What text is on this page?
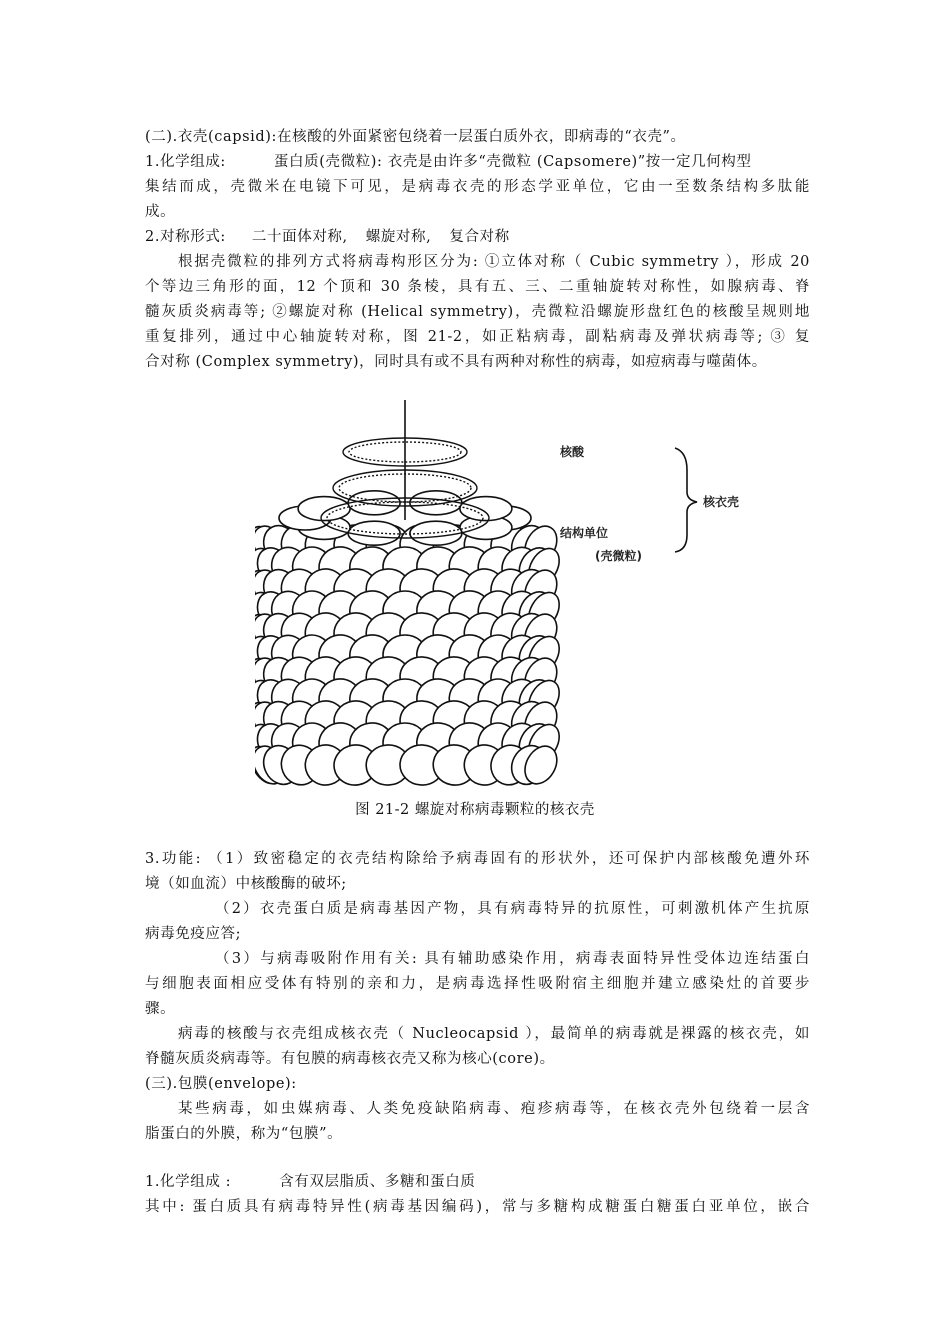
(二).衣壳(capsid):在核酸的外面紧密包绕着一层蛋白质外衣，即病毒的“衣壳”。
1.化学组成:	蛋白质(壳微粒): 衣壳是由许多“壳微粒 (Capsomere)”按一定几何构型
集结而成，壳微米在电镜下可见，是病毒衣壳的形态学亚单位，它由一至数条结构多肽能
成。
2.对称形式: 二十面体对称, 螺旋对称, 复合对称
根据壳微粒的排列方式将病毒构形区分为: ①立体对称（ Cubic symmetry ），形成 20
个等边三角形的面，12 个顶和 30 条棱，具有五、三、二重轴旋转对称性，如腺病毒、脊
髓灰质炎病毒等; ②螺旋对称 (Helical symmetry)，壳微粒沿螺旋形盘红色的核酸呈规则地
重复排列，通过中心轴旋转对称，图 21-2，如正粘病毒，副粘病毒及弹状病毒等; ③ 复
合对称 (Complex symmetry)，同时具有或不具有两种对称性的病毒，如痘病毒与噬菌体。
核酸
核衣壳
结构单位
(壳微粒)
图 21-2 螺旋对称病毒颗粒的核衣壳
3.功能: （1）致密稳定的衣壳结构除给予病毒固有的形状外，还可保护内部核酸免遭外环
境（如血流）中核酸酶的破坏;
（2）衣壳蛋白质是病毒基因产物，具有病毒特异的抗原性，可刺激机体产生抗原
病毒免疫应答;
（3）与病毒吸附作用有关: 具有辅助感染作用，病毒表面特异性受体边连结蛋白
与细胞表面相应受体有特别的亲和力，是病毒选择性吸附宿主细胞并建立感染灶的首要步
骤。
病毒的核酸与衣壳组成核衣壳（ Nucleocapsid ），最简单的病毒就是裸露的核衣壳，如
脊髓灰质炎病毒等。有包膜的病毒核衣壳又称为核心(core)。
(三).包膜(envelope):
某些病毒，如虫媒病毒、人类免疫缺陷病毒、疱疹病毒等，在核衣壳外包绕着一层含
脂蛋白的外膜，称为“包膜”。
1.化学组成 :	含有双层脂质、多糖和蛋白质
其中: 蛋白质具有病毒特异性(病毒基因编码)，常与多糖构成糖蛋白糖蛋白亚单位，嵌合
